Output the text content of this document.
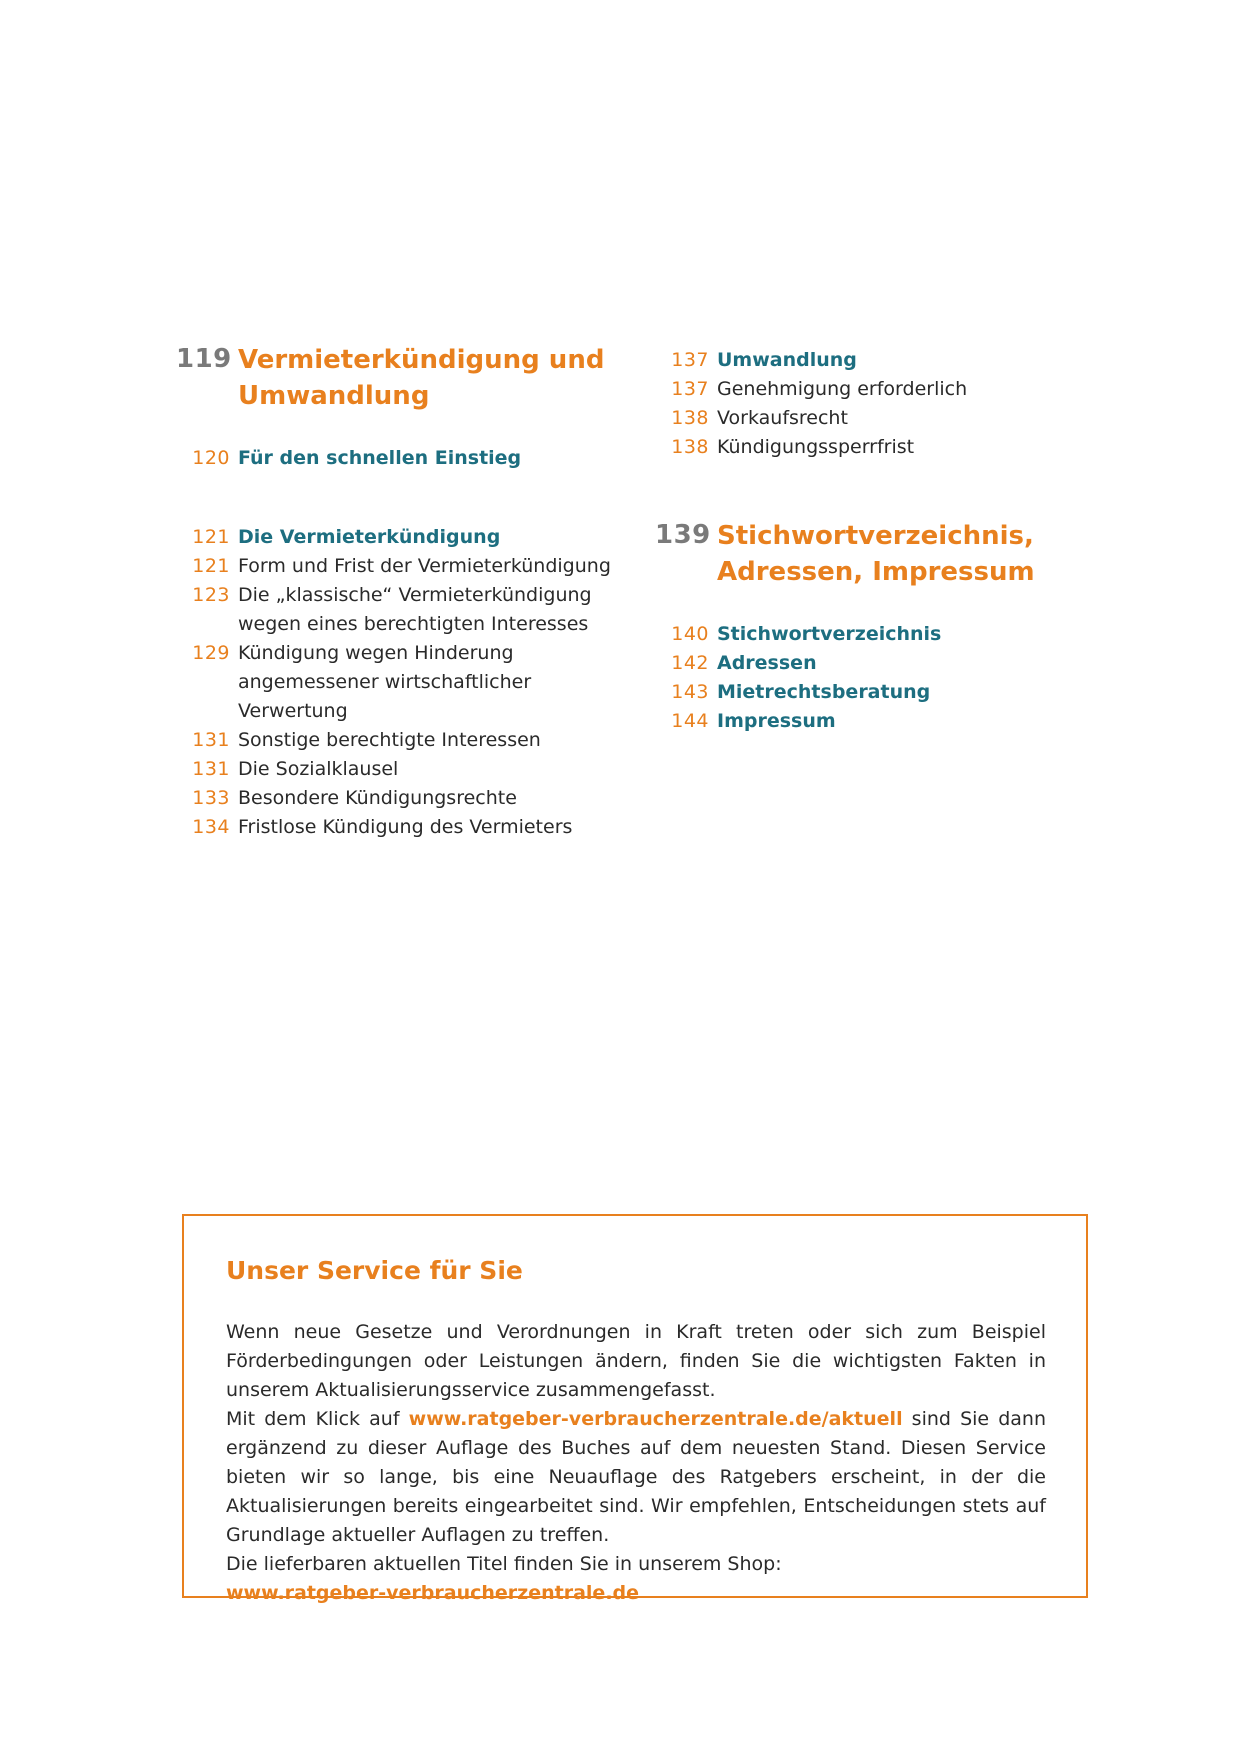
119 Vermieterkündigung und
Umwandlung
120 Für den schnellen Einstieg
121 Die Vermieterkündigung
121 Form und Frist der Vermieterkündigung
123 Die „klassische“ Vermieterkündigung
wegen eines berechtigten Interesses
129 Kündigung wegen Hinderung
angemessener wirtschaftlicher
Verwertung
131 Sonstige berechtigte Interessen
131 Die Sozialklausel
133 Besondere Kündigungsrechte
134 Fristlose Kündigung des Vermieters
137 Umwandlung
137 Genehmigung erforderlich
138 Vorkaufsrecht
138 Kündigungssperrfrist
139 Stichwortverzeichnis,
Adressen, Impressum
140 Stichwortverzeichnis
142 Adressen
143 Mietrechtsberatung
144 Impressum
Unser Service für Sie

Wenn neue Gesetze und Verordnungen in Kraft treten oder sich zum Beispiel Förderbedingungen oder Leistungen ändern, finden Sie die wichtigsten Fakten in unserem Aktualisierungsservice zusammengefasst.

Mit dem Klick auf www.ratgeber-verbraucherzentrale.de/aktuell sind Sie dann ergänzend zu dieser Auflage des Buches auf dem neuesten Stand. Diesen Service bieten wir so lange, bis eine Neuauflage des Ratgebers erscheint, in der die Aktualisierungen bereits eingearbeitet sind. Wir empfehlen, Entscheidungen stets auf Grundlage aktueller Auflagen zu treffen.

Die lieferbaren aktuellen Titel finden Sie in unserem Shop:

www.ratgeber-verbraucherzentrale.de
